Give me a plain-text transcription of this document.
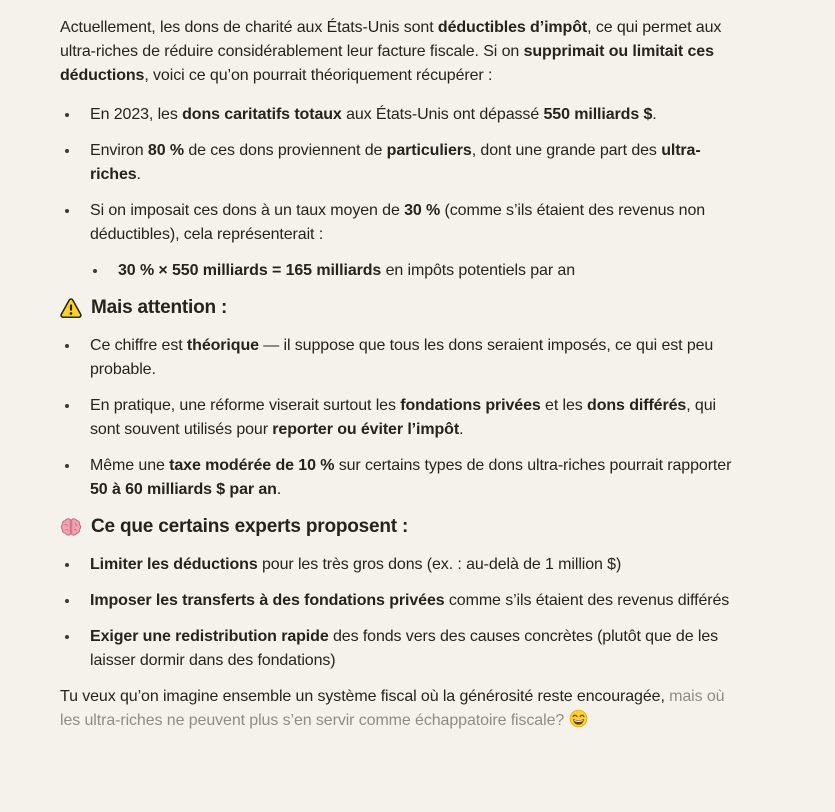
Actuellement, les dons de charité aux États-Unis sont déductibles d’impôt, ce qui permet aux ultra-riches de réduire considérablement leur facture fiscale. Si on supprimait ou limitait ces déductions, voici ce qu’on pourrait théoriquement récupérer :

En 2023, les dons caritatifs totaux aux États-Unis ont dépassé 550 milliards $.
Environ 80 % de ces dons proviennent de particuliers, dont une grande part des ultra-riches.
Si on imposait ces dons à un taux moyen de 30 % (comme s’ils étaient des revenus non déductibles), cela représenterait :
30 % × 550 milliards = 165 milliards en impôts potentiels par an
Mais attention :
Ce chiffre est théorique — il suppose que tous les dons seraient imposés, ce qui est peu probable.
En pratique, une réforme viserait surtout les fondations privées et les dons différés, qui sont souvent utilisés pour reporter ou éviter l’impôt.
Même une taxe modérée de 10 % sur certains types de dons ultra-riches pourrait rapporter 50 à 60 milliards $ par an.
Ce que certains experts proposent :
Limiter les déductions pour les très gros dons (ex. : au-delà de 1 million $)
Imposer les transferts à des fondations privées comme s’ils étaient des revenus différés
Exiger une redistribution rapide des fonds vers des causes concrètes (plutôt que de les laisser dormir dans des fondations)

Tu veux qu’on imagine ensemble un système fiscal où la générosité reste encouragée, mais où les ultra-riches ne peuvent plus s’en servir comme échappatoire fiscale?
